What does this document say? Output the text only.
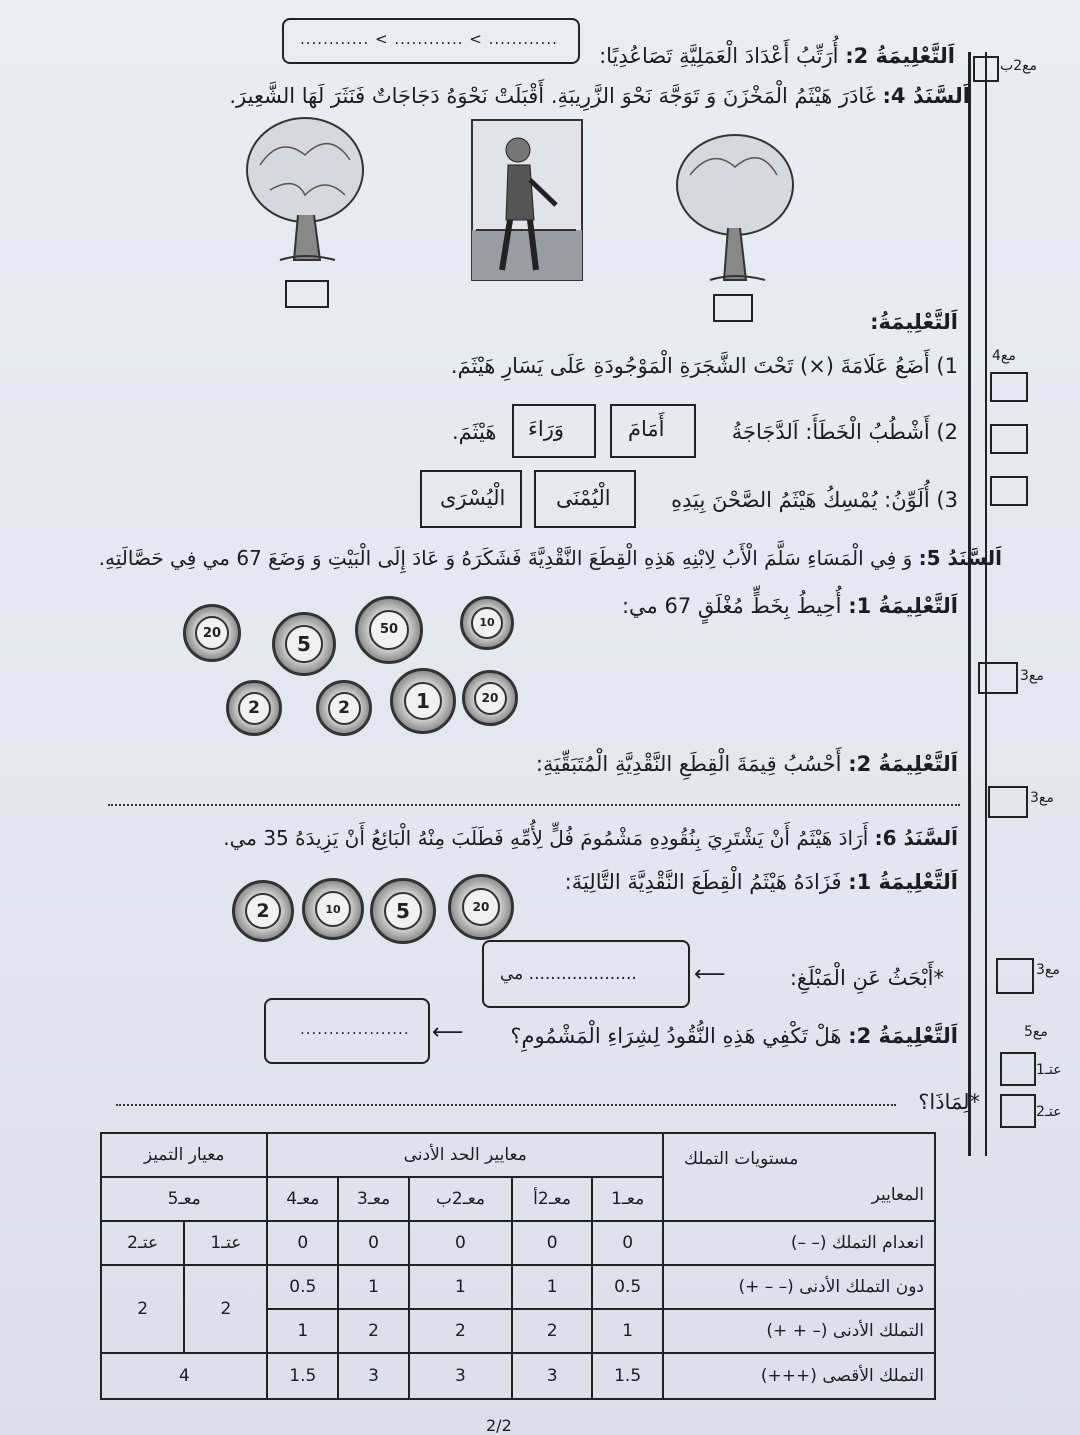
............ < ............ < ............
اَلتَّعْلِيمَةُ 2: أُرَتِّبُ أَعْدَادَ الْعَمَلِيَّةِ تَصَاعُدِيًا:	مع2ب
اَلسَّنَدُ 4: غَادَرَ هَيْثَمُ الْمَخْزَنَ وَ تَوَجَّهَ نَحْوَ الزَّرِيبَةِ. أَقْبَلَتْ نَحْوَهُ دَجَاجَاتٌ فَنَثَرَ لَهَا الشَّعِيرَ.
اَلتَّعْلِيمَةُ:
مع4
1) أَضَعُ عَلَامَةَ (×) تَحْتَ الشَّجَرَةِ الْمَوْجُودَةِ عَلَى يَسَارِ هَيْثَمَ.
2) أَشْطُبُ الْخَطَأَ: اَلدَّجَاجَةُ
أَمَامَ
وَرَاءَ
هَيْثَمَ.
3) أُلَوِّنُ: يُمْسِكُ هَيْثَمُ الصَّحْنَ بِيَدِهِ
الْيُمْنَى
الْيُسْرَى
اَلسَّنَدُ 5: وَ فِي الْمَسَاءِ سَلَّمَ الْأَبُ لِابْنِهِ هَذِهِ الْقِطَعَ النَّقْدِيَّةَ فَشَكَرَهُ وَ عَادَ إِلَى الْبَيْتِ وَ وَضَعَ 67 مي فِي حَصَّالَتِهِ.
اَلتَّعْلِيمَةُ 1: أُحِيطُ بِخَطٍّ مُغْلَقٍ 67 مي:
20	5
50	10
2	2	1	20
مع3
اَلتَّعْلِيمَةُ 2: أَحْسُبُ قِيمَةَ الْقِطَعِ النَّقْدِيَّةِ الْمُتَبَقِّيَةِ:
مع3
اَلسَّنَدُ 6: أَرَادَ هَيْثَمُ أَنْ يَشْتَرِيَ بِنُقُودِهِ مَشْمُومَ فُلٍّ لِأُمِّهِ فَطَلَبَ مِنْهُ الْبَائِعُ أَنْ يَزِيدَهُ 35 مي.
اَلتَّعْلِيمَةُ 1: فَزَادَهُ هَيْثَمُ الْقِطَعَ النَّقْدِيَّةَ التَّالِيَةَ:
2	10	5	20
.................... مي	⟵	*أَبْحَثُ عَنِ الْمَبْلَغِ:	مع3
................... ⟵	اَلتَّعْلِيمَةُ 2: هَلْ تَكْفِي هَذِهِ النُّقُودُ لِشِرَاءِ الْمَشْمُومِ؟	مع5
عتـ1
*لِمَاذَا؟	عتـ2
مستويات التملك
المعايير	معايير الحد الأدنى					معيار التميز	
	معـ1	معـ2أ	معـ2ب	معـ3	معـ4	معـ5	
انعدام التملك (– –)	0	0	0	0	0	عتـ1	عتـ2
دون التملك الأدنى (– – +)	0.5	1	1	1	0.5	2	2
التملك الأدنى (– + +)	1	2	2	2	1		
التملك الأقصى (+++)	1.5	3	3	3	1.5	4	
2/2
